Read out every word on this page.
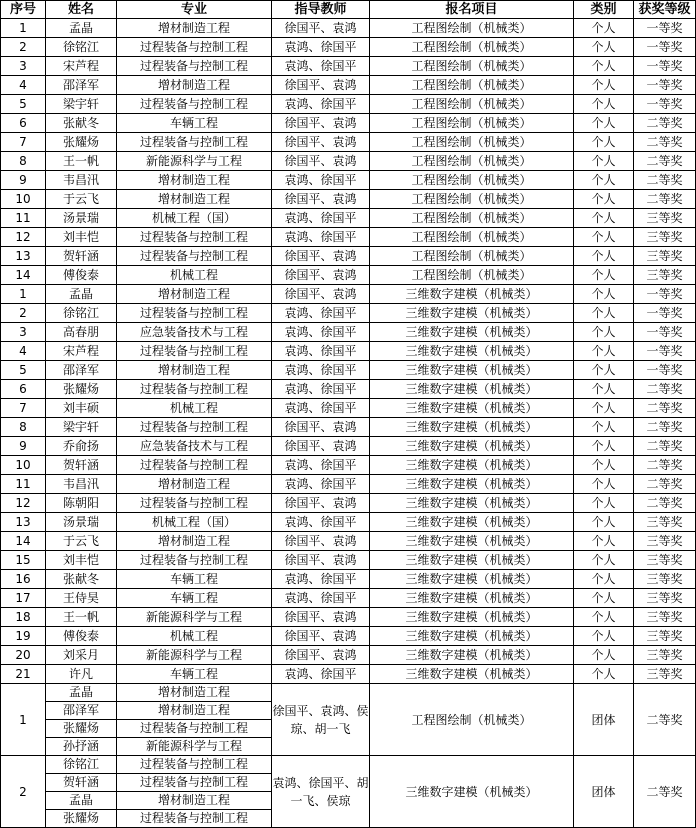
序号	姓名	专业	指导教师	报名项目	类别	获奖等级
1	孟晶	增材制造工程	徐国平、袁鸿	工程图绘制（机械类）	个人	一等奖
2	徐铭江	过程装备与控制工程	袁鸿、徐国平	工程图绘制（机械类）	个人	一等奖
3	宋芦程	过程装备与控制工程	袁鸿、徐国平	工程图绘制（机械类）	个人	一等奖
4	邵泽军	增材制造工程	徐国平、袁鸿	工程图绘制（机械类）	个人	一等奖
5	梁宇轩	过程装备与控制工程	袁鸿、徐国平	工程图绘制（机械类）	个人	一等奖
6	张献冬	车辆工程	徐国平、袁鸿	工程图绘制（机械类）	个人	二等奖
7	张耀炀	过程装备与控制工程	徐国平、袁鸿	工程图绘制（机械类）	个人	二等奖
8	王一帆	新能源科学与工程	徐国平、袁鸿	工程图绘制（机械类）	个人	二等奖
9	韦昌汛	增材制造工程	袁鸿、徐国平	工程图绘制（机械类）	个人	二等奖
10	于云飞	增材制造工程	徐国平、袁鸿	工程图绘制（机械类）	个人	二等奖
11	汤景瑞	机械工程（国）	袁鸿、徐国平	工程图绘制（机械类）	个人	三等奖
12	刘丰恺	过程装备与控制工程	袁鸿、徐国平	工程图绘制（机械类）	个人	三等奖
13	贺轩涵	过程装备与控制工程	徐国平、袁鸿	工程图绘制（机械类）	个人	三等奖
14	傅俊泰	机械工程	徐国平、袁鸿	工程图绘制（机械类）	个人	三等奖
1	孟晶	增材制造工程	徐国平、袁鸿	三维数字建模（机械类）	个人	一等奖
2	徐铭江	过程装备与控制工程	袁鸿、徐国平	三维数字建模（机械类）	个人	一等奖
3	高春朋	应急装备技术与工程	袁鸿、徐国平	三维数字建模（机械类）	个人	一等奖
4	宋芦程	过程装备与控制工程	袁鸿、徐国平	三维数字建模（机械类）	个人	一等奖
5	邵泽军	增材制造工程	袁鸿、徐国平	三维数字建模（机械类）	个人	一等奖
6	张耀炀	过程装备与控制工程	袁鸿、徐国平	三维数字建模（机械类）	个人	二等奖
7	刘丰硕	机械工程	袁鸿、徐国平	三维数字建模（机械类）	个人	二等奖
8	梁宇轩	过程装备与控制工程	徐国平、袁鸿	三维数字建模（机械类）	个人	二等奖
9	乔俞扬	应急装备技术与工程	徐国平、袁鸿	三维数字建模（机械类）	个人	二等奖
10	贺轩涵	过程装备与控制工程	袁鸿、徐国平	三维数字建模（机械类）	个人	二等奖
11	韦昌汛	增材制造工程	袁鸿、徐国平	三维数字建模（机械类）	个人	二等奖
12	陈朝阳	过程装备与控制工程	徐国平、袁鸿	三维数字建模（机械类）	个人	二等奖
13	汤景瑞	机械工程（国）	袁鸿、徐国平	三维数字建模（机械类）	个人	三等奖
14	于云飞	增材制造工程	徐国平、袁鸿	三维数字建模（机械类）	个人	三等奖
15	刘丰恺	过程装备与控制工程	徐国平、袁鸿	三维数字建模（机械类）	个人	三等奖
16	张献冬	车辆工程	袁鸿、徐国平	三维数字建模（机械类）	个人	三等奖
17	王侍昊	车辆工程	袁鸿、徐国平	三维数字建模（机械类）	个人	三等奖
18	王一帆	新能源科学与工程	徐国平、袁鸿	三维数字建模（机械类）	个人	三等奖
19	傅俊泰	机械工程	徐国平、袁鸿	三维数字建模（机械类）	个人	三等奖
20	刘采月	新能源科学与工程	徐国平、袁鸿	三维数字建模（机械类）	个人	三等奖
21	许凡	车辆工程	袁鸿、徐国平	三维数字建模（机械类）	个人	三等奖
1	孟晶	增材制造工程	徐国平、袁鸿、侯琼、胡一飞	工程图绘制（机械类）	团体	二等奖
	邵泽军	增材制造工程				
	张耀炀	过程装备与控制工程				
	孙抒涵	新能源科学与工程				
2	徐铭江	过程装备与控制工程	袁鸿、徐国平、胡一飞、侯琼	三维数字建模（机械类）	团体	二等奖
	贺轩涵	过程装备与控制工程				
	孟晶	增材制造工程				
	张耀炀	过程装备与控制工程				
